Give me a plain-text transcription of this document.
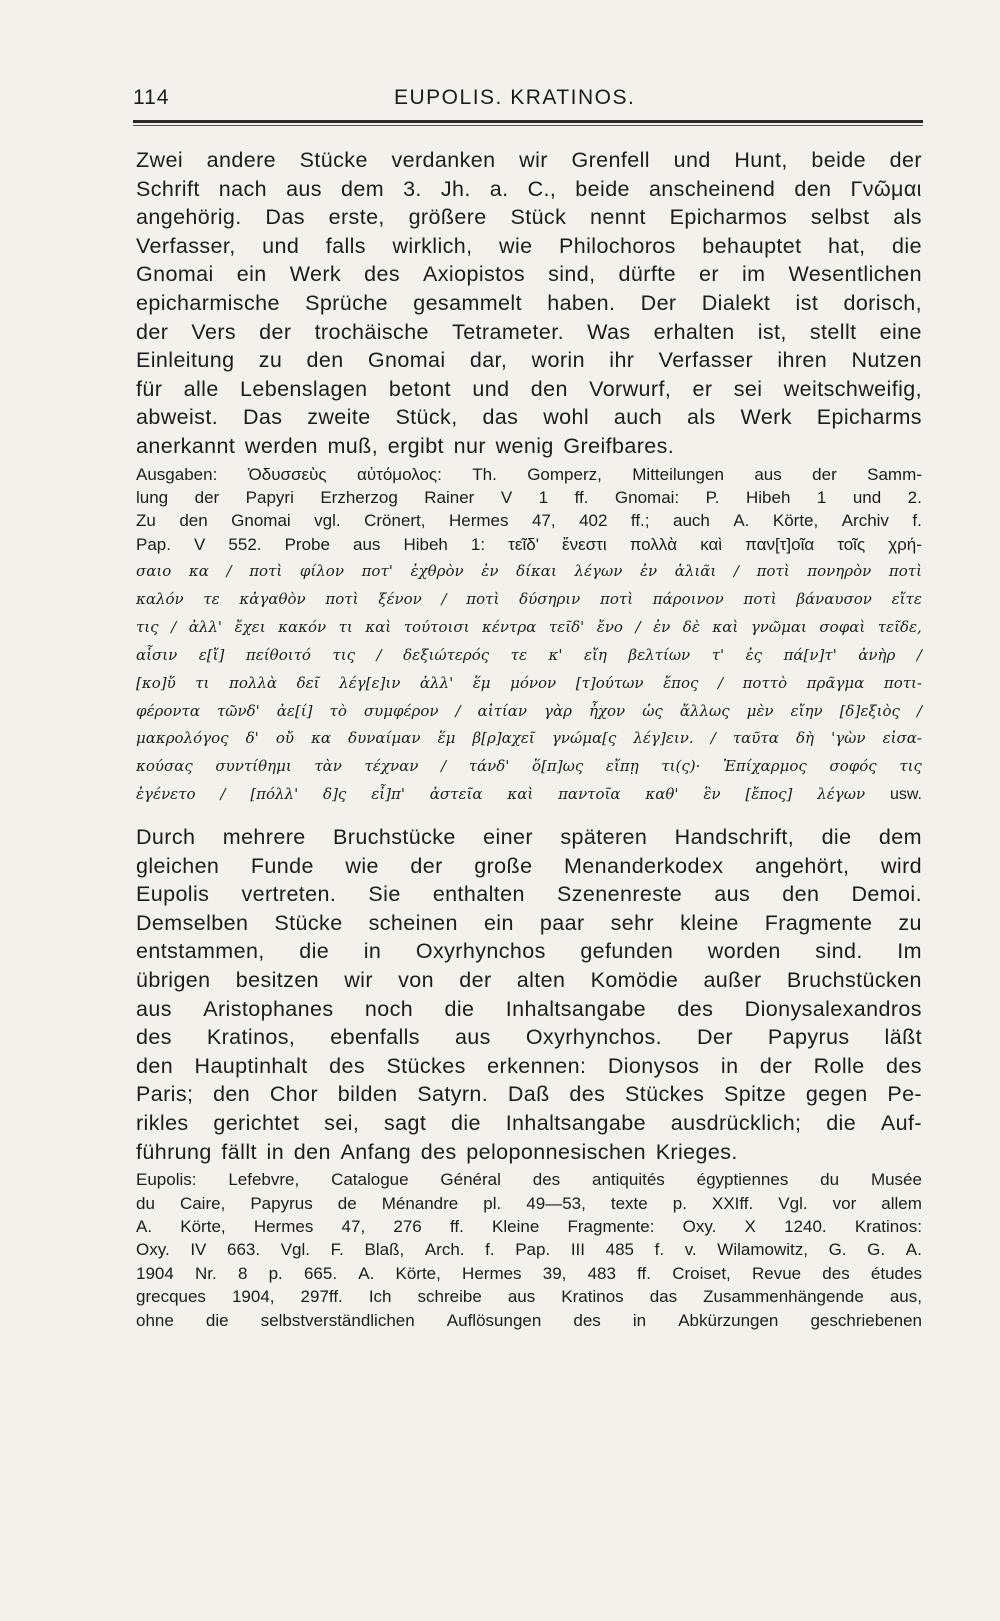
114	EUPOLIS. KRATINOS.
Zwei andere Stücke verdanken wir Grenfell und Hunt, beide der
Schrift nach aus dem 3. Jh. a. C., beide anscheinend den Γνῶμαι
angehörig. Das erste, größere Stück nennt Epicharmos selbst als
Verfasser, und falls wirklich, wie Philochoros behauptet hat, die
Gnomai ein Werk des Axiopistos sind, dürfte er im Wesentlichen
epicharmische Sprüche gesammelt haben. Der Dialekt ist dorisch,
der Vers der trochäische Tetrameter. Was erhalten ist, stellt eine
Einleitung zu den Gnomai dar, worin ihr Verfasser ihren Nutzen
für alle Lebenslagen betont und den Vorwurf, er sei weitschweifig,
abweist. Das zweite Stück, das wohl auch als Werk Epicharms
anerkannt werden muß, ergibt nur wenig Greifbares.
Ausgaben: Ὀδυσσεὺς αὐτόμολος: Th. Gomperz, Mitteilungen aus der Samm-
lung der Papyri Erzherzog Rainer V 1 ff. Gnomai: P. Hibeh 1 und 2.
Zu den Gnomai vgl. Crönert, Hermes 47, 402 ff.; auch A. Körte, Archiv f.
Pap. V 552. Probe aus Hibeh 1: τεῖδ' ἔνεστι πολλὰ καὶ παν[τ]οῖα τοῖς χρή-
σαιο κα / ποτὶ φίλον ποτ' ἐχθρὸν ἐν δίκαι λέγων ἐν ἁλιᾶι / ποτὶ πονηρὸν ποτὶ
καλόν τε κἀγαθὸν ποτὶ ξένον / ποτὶ δύσηριν ποτὶ πάροινον ποτὶ βάναυσον εἴτε
τις / ἀλλ' ἔχει κακόν τι καὶ τούτοισι κέντρα τεῖδ' ἔνο / ἐν δὲ καὶ γνῶμαι σοφαὶ τεῖδε,
αἷσιν ε[ἴ] πείθοιτό τις / δεξιώτερός τε κ' εἴη βελτίων τ' ἐς πά[ν]τ' ἀνὴρ /
[κο]ὔ τι πολλὰ δεῖ λέγ[ε]ιν ἀλλ' ἕμ μόνον [τ]ούτων ἔπος / ποττὸ πρᾶγμα ποτι-
φέροντα τῶνδ' ἀε[ί] τὸ συμφέρον / αἰτίαν γὰρ ἦχον ὡς ἄλλως μὲν εἴην [δ]εξιὸς /
μακρολόγος δ' οὔ κα δυναίμαν ἕμ β[ρ]αχεῖ γνώμα[ς λέγ]ειν. / ταῦτα δὴ 'γὼν εἰσα-
κούσας συντίθημι τὰν τέχναν / τάνδ' ὅ[π]ως εἴπῃ τι(ς)· Ἐπίχαρμος σοφός τις
ἐγένετο / [πόλλ' δ]ς εἶ]π' ἀστεῖα καὶ παντοῖα καθ' ἓν [ἔπος] λέγων usw.
Durch mehrere Bruchstücke einer späteren Handschrift, die dem
gleichen Funde wie der große Menanderkodex angehört, wird
Eupolis vertreten. Sie enthalten Szenenreste aus den Demoi.
Demselben Stücke scheinen ein paar sehr kleine Fragmente zu
entstammen, die in Oxyrhynchos gefunden worden sind. Im
übrigen besitzen wir von der alten Komödie außer Bruchstücken
aus Aristophanes noch die Inhaltsangabe des Dionysalexandros
des Kratinos, ebenfalls aus Oxyrhynchos. Der Papyrus läßt
den Hauptinhalt des Stückes erkennen: Dionysos in der Rolle des
Paris; den Chor bilden Satyrn. Daß des Stückes Spitze gegen Pe-
rikles gerichtet sei, sagt die Inhaltsangabe ausdrücklich; die Auf-
führung fällt in den Anfang des peloponnesischen Krieges.
Eupolis: Lefebvre, Catalogue Général des antiquités égyptiennes du Musée
du Caire, Papyrus de Ménandre pl. 49—53, texte p. XXIff. Vgl. vor allem
A. Körte, Hermes 47, 276 ff. Kleine Fragmente: Oxy. X 1240. Kratinos:
Oxy. IV 663. Vgl. F. Blaß, Arch. f. Pap. III 485 f. v. Wilamowitz, G. G. A.
1904 Nr. 8 p. 665. A. Körte, Hermes 39, 483 ff. Croiset, Revue des études
grecques 1904, 297ff. Ich schreibe aus Kratinos das Zusammenhängende aus,
ohne die selbstverständlichen Auflösungen des in Abkürzungen geschriebenen
